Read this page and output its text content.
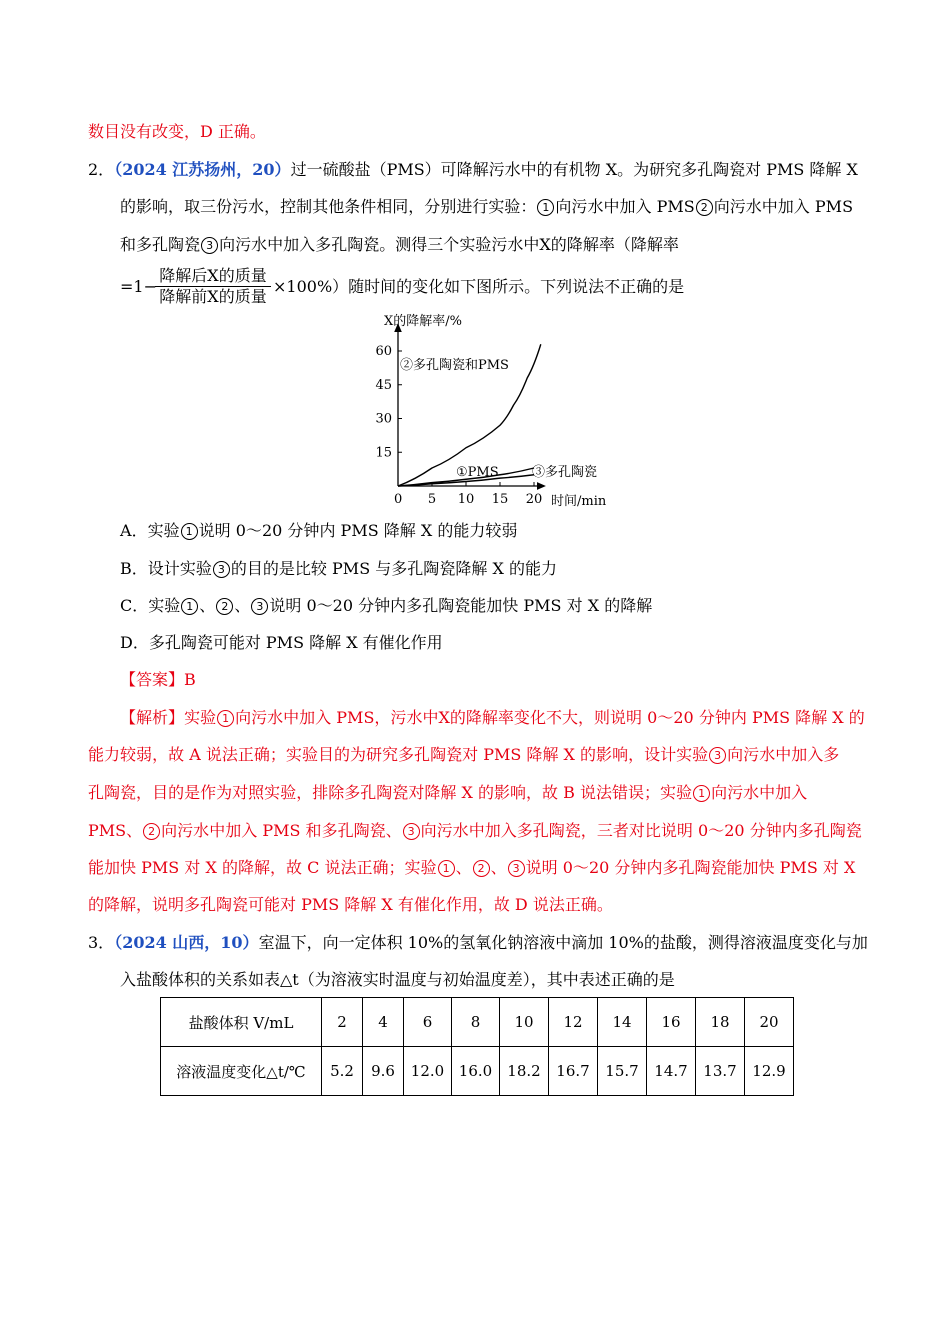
数目没有改变，D 正确。
2．（2024 江苏扬州，20）过一硫酸盐（PMS）可降解污水中的有机物 X。为研究多孔陶瓷对 PMS 降解 X
的影响，取三份污水，控制其他条件相同，分别进行实验： 1 向污水中加入 PMS 2 向污水中加入 PMS
和多孔陶瓷 3 向污水中加入多孔陶瓷。测得三个实验污水中X的降解率（降解率
=1−
降解后X的质量
降解前X的质量
×100%）随时间的变化如下图所示。下列说法不正确的是
X的降解率/%
时间/min
0
15
30
45
60
5 10 15 20
②多孔陶瓷和PMS
①PMS	③多孔陶瓷
A．实验 1 说明 0～20 分钟内 PMS 降解 X 的能力较弱
B．设计实验 3 的目的是比较 PMS 与多孔陶瓷降解 X 的能力
C．实验 1 、 2 、 3 说明 0～20 分钟内多孔陶瓷能加快 PMS 对 X 的降解
D．多孔陶瓷可能对 PMS 降解 X 有催化作用
【答案】B
【解析】实验 1 向污水中加入 PMS，污水中X的降解率变化不大，则说明 0～20 分钟内 PMS 降解 X 的
能力较弱，故 A 说法正确；实验目的为研究多孔陶瓷对 PMS 降解 X 的影响，设计实验 3 向污水中加入多
孔陶瓷，目的是作为对照实验，排除多孔陶瓷对降解 X 的影响，故 B 说法错误；实验 1 向污水中加入
PMS、 2 向污水中加入 PMS 和多孔陶瓷、 3 向污水中加入多孔陶瓷，三者对比说明 0～20 分钟内多孔陶瓷
能加快 PMS 对 X 的降解，故 C 说法正确；实验 1 、 2 、 3 说明 0～20 分钟内多孔陶瓷能加快 PMS 对 X
的降解，说明多孔陶瓷可能对 PMS 降解 X 有催化作用，故 D 说法正确。
3．（2024 山西，10）室温下，向一定体积 10%的氢氧化钠溶液中滴加 10%的盐酸，测得溶液温度变化与加
入盐酸体积的关系如表△t（为溶液实时温度与初始温度差），其中表述正确的是
盐酸体积 V/mL	2	4	6	8	10	12	14	16	18	20
溶液温度变化△t/℃	5.2	9.6	12.0	16.0	18.2	16.7	15.7	14.7	13.7	12.9
